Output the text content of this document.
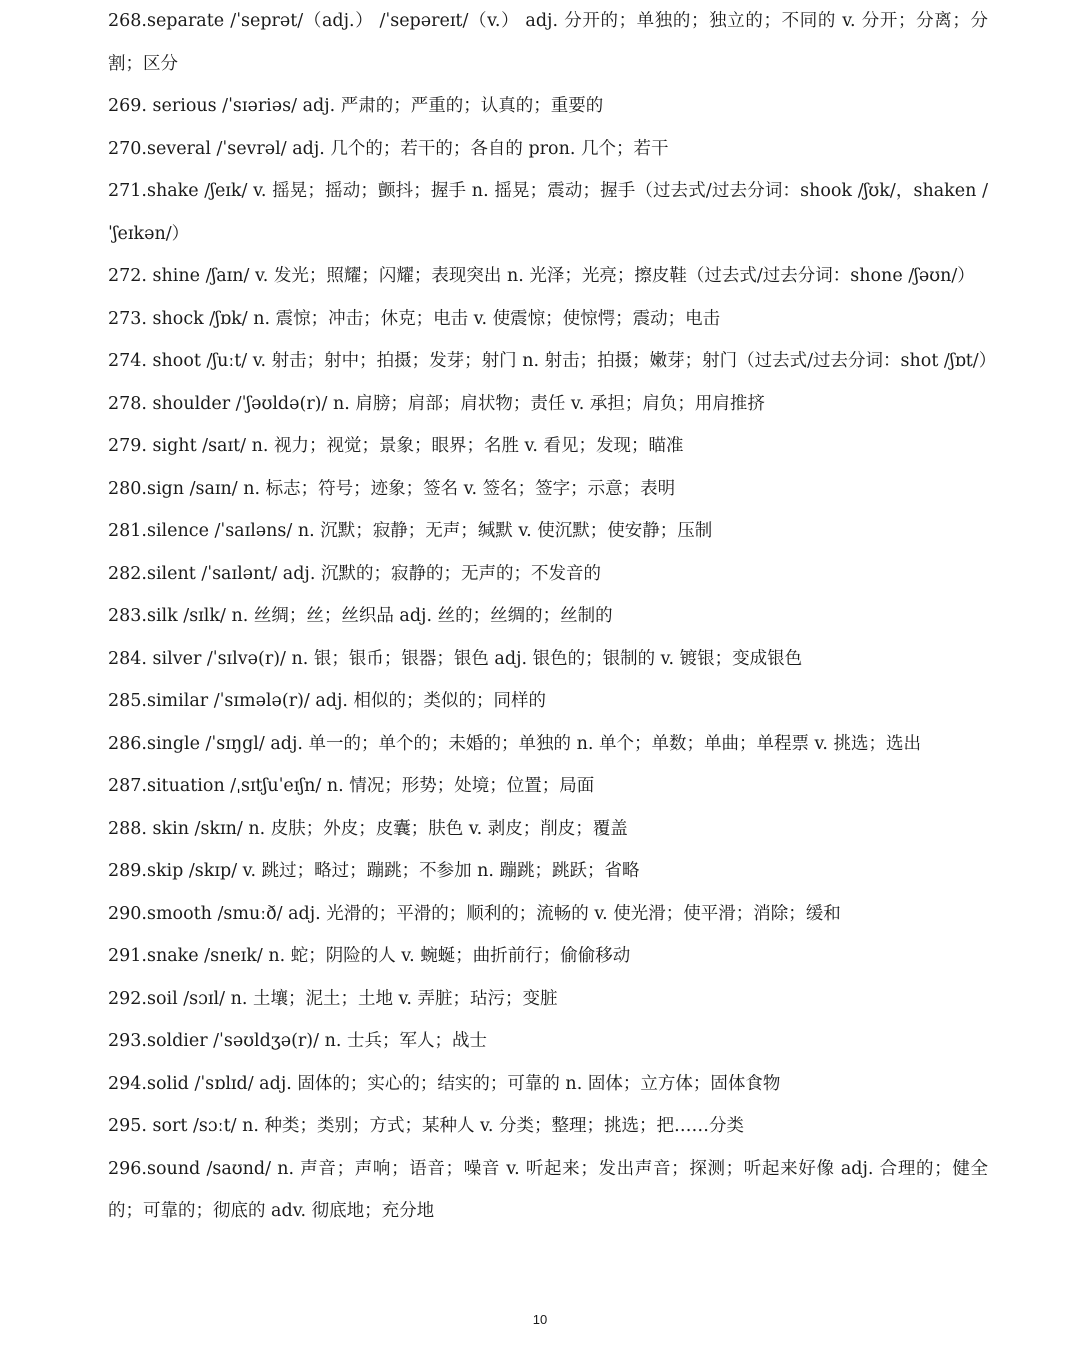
268.separate /ˈseprət/（adj.） /ˈsepəreɪt/（v.） adj. 分开的；单独的；独立的；不同的 v. 分开；分离；分割；区分

269. serious /ˈsɪəriəs/ adj. 严肃的；严重的；认真的；重要的

270.several /ˈsevrəl/ adj. 几个的；若干的；各自的 pron. 几个；若干

271.shake /ʃeɪk/ v. 摇晃；摇动；颤抖；握手 n. 摇晃；震动；握手（过去式/过去分词：shook /ʃʊk/，shaken /ˈʃeɪkən/）

272. shine /ʃaɪn/ v. 发光；照耀；闪耀；表现突出 n. 光泽；光亮；擦皮鞋（过去式/过去分词：shone /ʃəʊn/）

273. shock /ʃɒk/ n. 震惊；冲击；休克；电击 v. 使震惊；使惊愕；震动；电击

274. shoot /ʃuːt/ v. 射击；射中；拍摄；发芽；射门 n. 射击；拍摄；嫩芽；射门（过去式/过去分词：shot /ʃɒt/）

278. shoulder /ˈʃəʊldə(r)/ n. 肩膀；肩部；肩状物；责任 v. 承担；肩负；用肩推挤

279. sight /saɪt/ n. 视力；视觉；景象；眼界；名胜 v. 看见；发现；瞄准

280.sign /saɪn/ n. 标志；符号；迹象；签名 v. 签名；签字；示意；表明

281.silence /ˈsaɪləns/ n. 沉默；寂静；无声；缄默 v. 使沉默；使安静；压制

282.silent /ˈsaɪlənt/ adj. 沉默的；寂静的；无声的；不发音的

283.silk /sɪlk/ n. 丝绸；丝；丝织品 adj. 丝的；丝绸的；丝制的

284. silver /ˈsɪlvə(r)/ n. 银；银币；银器；银色 adj. 银色的；银制的 v. 镀银；变成银色

285.similar /ˈsɪmələ(r)/ adj. 相似的；类似的；同样的

286.single /ˈsɪŋgl/ adj. 单一的；单个的；未婚的；单独的 n. 单个；单数；单曲；单程票 v. 挑选；选出

287.situation /ˌsɪtʃuˈeɪʃn/ n. 情况；形势；处境；位置；局面

288. skin /skɪn/ n. 皮肤；外皮；皮囊；肤色 v. 剥皮；削皮；覆盖

289.skip /skɪp/ v. 跳过；略过；蹦跳；不参加 n. 蹦跳；跳跃；省略

290.smooth /smuːð/ adj. 光滑的；平滑的；顺利的；流畅的 v. 使光滑；使平滑；消除；缓和

291.snake /sneɪk/ n. 蛇；阴险的人 v. 蜿蜒；曲折前行；偷偷移动

292.soil /sɔɪl/ n. 土壤；泥土；土地 v. 弄脏；玷污；变脏

293.soldier /ˈsəʊldʒə(r)/ n. 士兵；军人；战士

294.solid /ˈsɒlɪd/ adj. 固体的；实心的；结实的；可靠的 n. 固体；立方体；固体食物

295. sort /sɔːt/ n. 种类；类别；方式；某种人 v. 分类；整理；挑选；把……分类

296.sound /saʊnd/ n. 声音；声响；语音；噪音 v. 听起来；发出声音；探测；听起来好像 adj. 合理的；健全的；可靠的；彻底的 adv. 彻底地；充分地

10
